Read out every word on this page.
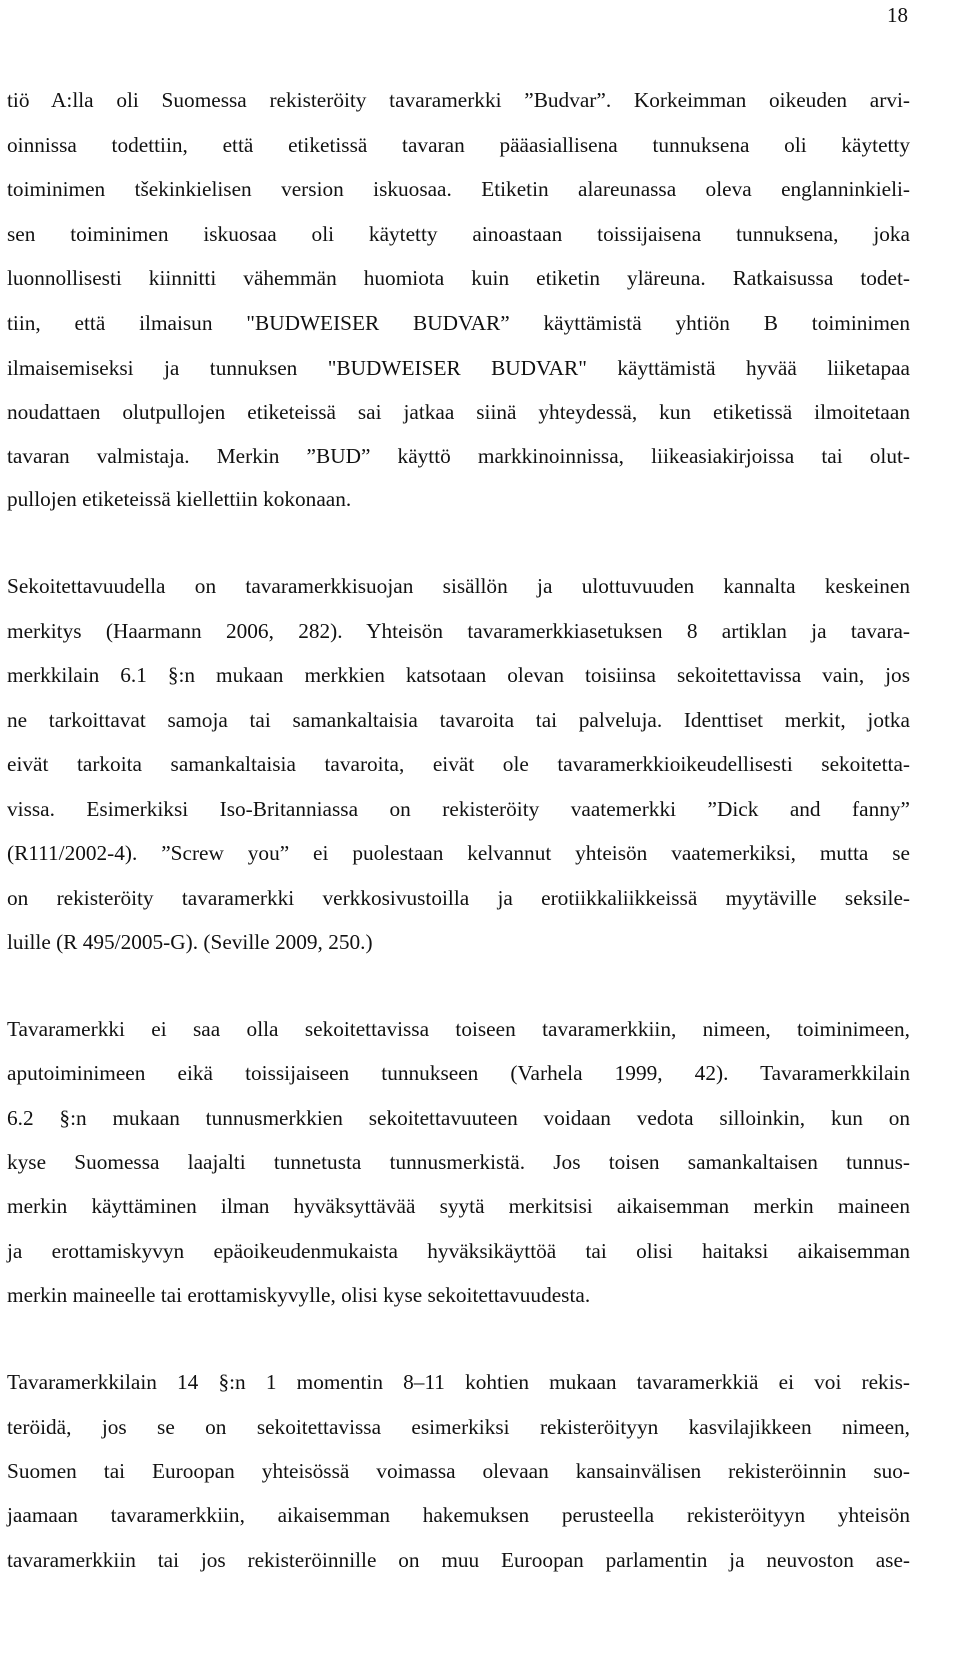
18
tiö A:lla oli Suomessa rekisteröity tavaramerkki ”Budvar”. Korkeimman oikeuden arvi-
oinnissa todettiin, että etiketissä tavaran pääasiallisena tunnuksena oli käytetty
toiminimen tšekinkielisen version iskuosaa. Etiketin alareunassa oleva englanninkieli-
sen toiminimen iskuosaa oli käytetty ainoastaan toissijaisena tunnuksena, joka
luonnollisesti kiinnitti vähemmän huomiota kuin etiketin yläreuna. Ratkaisussa todet-
tiin, että ilmaisun "BUDWEISER BUDVAR” käyttämistä yhtiön B toiminimen
ilmaisemiseksi ja tunnuksen "BUDWEISER BUDVAR" käyttämistä hyvää liiketapaa
noudattaen olutpullojen etiketeissä sai jatkaa siinä yhteydessä, kun etiketissä ilmoitetaan
tavaran valmistaja. Merkin ”BUD” käyttö markkinoinnissa, liikeasiakirjoissa tai olut-
pullojen etiketeissä kiellettiin kokonaan.
Sekoitettavuudella on tavaramerkkisuojan sisällön ja ulottuvuuden kannalta keskeinen
merkitys (Haarmann 2006, 282). Yhteisön tavaramerkkiasetuksen 8 artiklan ja tavara-
merkkilain 6.1 §:n mukaan merkkien katsotaan olevan toisiinsa sekoitettavissa vain, jos
ne tarkoittavat samoja tai samankaltaisia tavaroita tai palveluja. Identtiset merkit, jotka
eivät tarkoita samankaltaisia tavaroita, eivät ole tavaramerkkioikeudellisesti sekoitetta-
vissa. Esimerkiksi Iso-Britanniassa on rekisteröity vaatemerkki ”Dick and fanny”
(R111/2002-4). ”Screw you” ei puolestaan kelvannut yhteisön vaatemerkiksi, mutta se
on rekisteröity tavaramerkki verkkosivustoilla ja erotiikkaliikkeissä myytäville seksile-
luille (R 495/2005-G). (Seville 2009, 250.)
Tavaramerkki ei saa olla sekoitettavissa toiseen tavaramerkkiin, nimeen, toiminimeen,
aputoiminimeen eikä toissijaiseen tunnukseen (Varhela 1999, 42). Tavaramerkkilain
6.2 §:n mukaan tunnusmerkkien sekoitettavuuteen voidaan vedota silloinkin, kun on
kyse Suomessa laajalti tunnetusta tunnusmerkistä. Jos toisen samankaltaisen tunnus-
merkin käyttäminen ilman hyväksyttävää syytä merkitsisi aikaisemman merkin maineen
ja erottamiskyvyn epäoikeudenmukaista hyväksikäyttöä tai olisi haitaksi aikaisemman
merkin maineelle tai erottamiskyvylle, olisi kyse sekoitettavuudesta.
Tavaramerkkilain 14 §:n 1 momentin 8–11 kohtien mukaan tavaramerkkiä ei voi rekis-
teröidä, jos se on sekoitettavissa esimerkiksi rekisteröityyn kasvilajikkeen nimeen,
Suomen tai Euroopan yhteisössä voimassa olevaan kansainvälisen rekisteröinnin suo-
jaamaan tavaramerkkiin, aikaisemman hakemuksen perusteella rekisteröityyn yhteisön
tavaramerkkiin tai jos rekisteröinnille on muu Euroopan parlamentin ja neuvoston ase-
